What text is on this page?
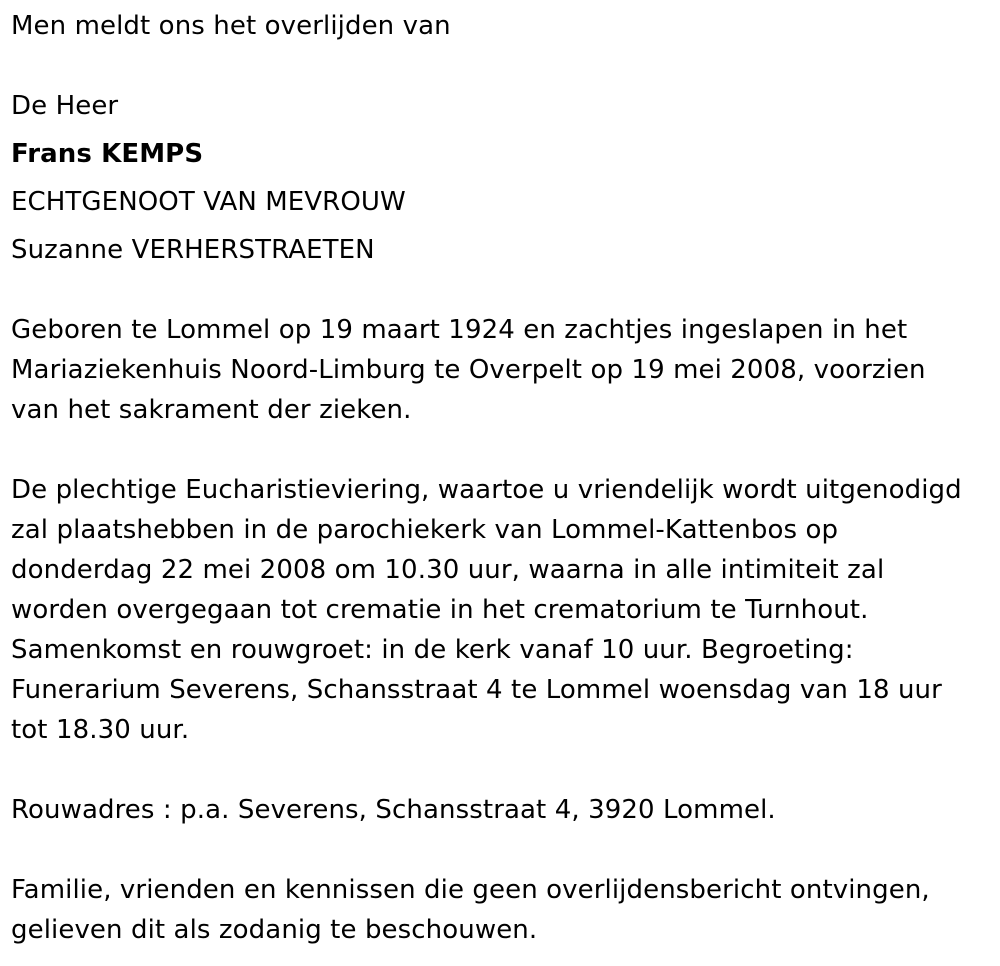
Men meldt ons het overlijden van
De Heer
Frans KEMPS
ECHTGENOOT VAN MEVROUW
Suzanne VERHERSTRAETEN
Geboren te Lommel op 19 maart 1924 en zachtjes ingeslapen in het
Mariaziekenhuis Noord-Limburg te Overpelt op 19 mei 2008, voorzien
van het sakrament der zieken.
De plechtige Eucharistieviering, waartoe u vriendelijk wordt uitgenodigd
zal plaatshebben in de parochiekerk van Lommel-Kattenbos op
donderdag 22 mei 2008 om 10.30 uur, waarna in alle intimiteit zal
worden overgegaan tot crematie in het crematorium te Turnhout.
Samenkomst en rouwgroet: in de kerk vanaf 10 uur. Begroeting:
Funerarium Severens, Schansstraat 4 te Lommel woensdag van 18 uur
tot 18.30 uur.
Rouwadres : p.a. Severens, Schansstraat 4, 3920 Lommel.
Familie, vrienden en kennissen die geen overlijdensbericht ontvingen,
gelieven dit als zodanig te beschouwen.
